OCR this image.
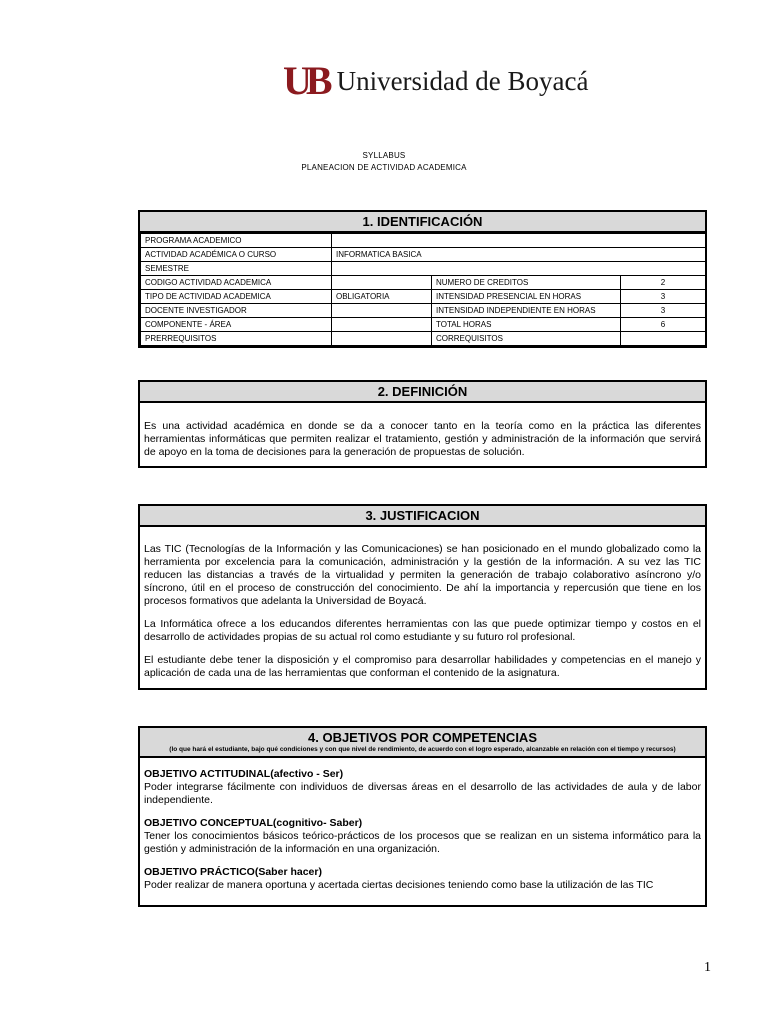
UB Universidad de Boyacá
SYLLABUS
PLANEACION DE ACTIVIDAD ACADEMICA
1. IDENTIFICACIÓN
PROGRAMA ACADEMICO			
ACTIVIDAD ACADÉMICA O CURSO	INFORMATICA BASICA		
SEMESTRE			
CODIGO ACTIVIDAD ACADEMICA		NUMERO DE CREDITOS	2
TIPO DE ACTIVIDAD ACADEMICA	OBLIGATORIA	INTENSIDAD PRESENCIAL EN HORAS	3
DOCENTE INVESTIGADOR		INTENSIDAD INDEPENDIENTE EN HORAS	3
COMPONENTE - ÁREA		TOTAL HORAS	6
PRERREQUISITOS		CORREQUISITOS	
2. DEFINICIÓN

Es una actividad académica en donde se da a conocer tanto en la teoría como en la práctica las diferentes herramientas informáticas que permiten realizar el tratamiento, gestión y administración de la información que servirá de apoyo en la toma de decisiones para la generación de propuestas de solución.

3. JUSTIFICACION

Las TIC (Tecnologías de la Información y las Comunicaciones) se han posicionado en el mundo globalizado como la herramienta por excelencia para la comunicación, administración y la gestión de la información. A su vez las TIC reducen las distancias a través de la virtualidad y permiten la generación de trabajo colaborativo asíncrono y/o síncrono, útil en el proceso de construcción del conocimiento. De ahí la importancia y repercusión que tiene en los procesos formativos que adelanta la Universidad de Boyacá.

La Informática ofrece a los educandos diferentes herramientas con las que puede optimizar tiempo y costos en el desarrollo de actividades propias de su actual rol como estudiante y su futuro rol profesional.

El estudiante debe tener la disposición y el compromiso para desarrollar habilidades y competencias en el manejo y aplicación de cada una de las herramientas que conforman el contenido de la asignatura.

4. OBJETIVOS POR COMPETENCIAS
(lo que hará el estudiante, bajo qué condiciones y con que nivel de rendimiento, de acuerdo con el logro esperado, alcanzable en relación con el tiempo y recursos)
OBJETIVO ACTITUDINAL(afectivo - Ser)

Poder integrarse fácilmente con individuos de diversas áreas en el desarrollo de las actividades de aula y de labor independiente.

OBJETIVO CONCEPTUAL(cognitivo- Saber)

Tener los conocimientos básicos teórico-prácticos de los procesos que se realizan en un sistema informático para la gestión y administración de la información en una organización.

OBJETIVO PRÁCTICO(Saber hacer)

Poder realizar de manera oportuna y acertada ciertas decisiones teniendo como base la utilización de las TIC

1
